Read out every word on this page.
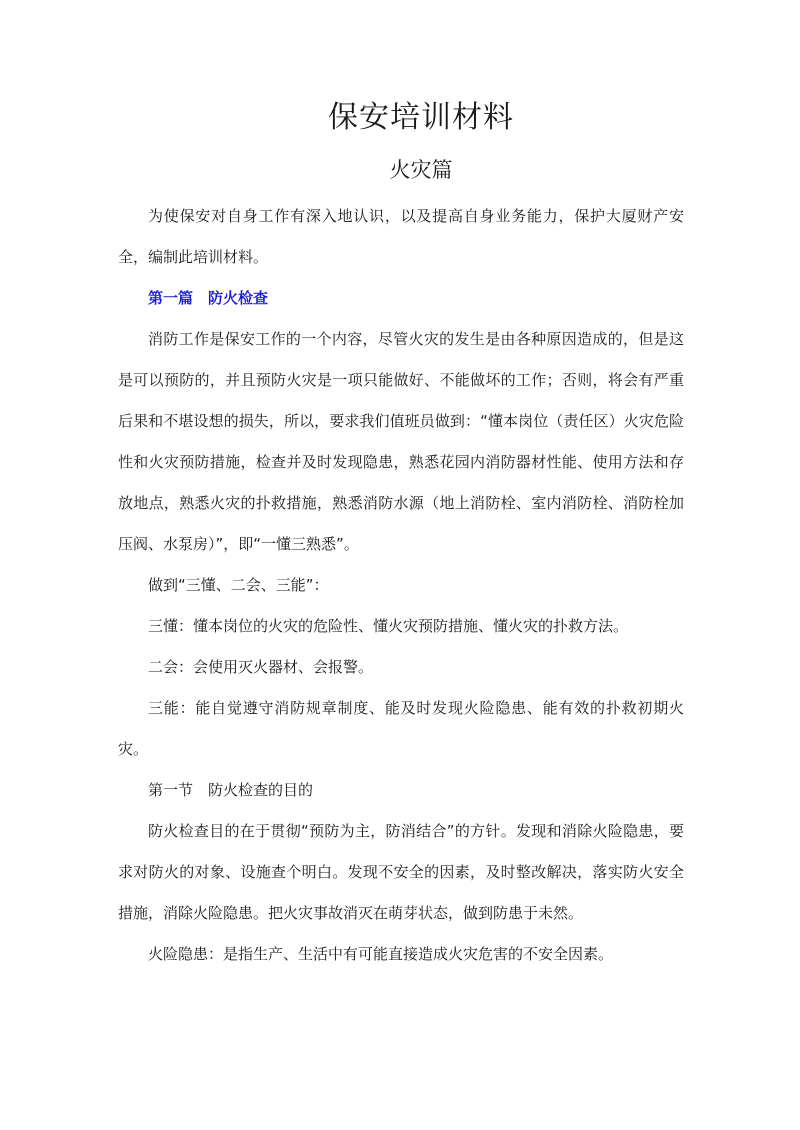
保安培训材料
火灾篇

为使保安对自身工作有深入地认识，以及提高自身业务能力，保护大厦财产安全，编制此培训材料。

第一篇　防火检查

消防工作是保安工作的一个内容，尽管火灾的发生是由各种原因造成的，但是这是可以预防的，并且预防火灾是一项只能做好、不能做坏的工作；否则，将会有严重后果和不堪设想的损失，所以，要求我们值班员做到：“懂本岗位（责任区）火灾危险性和火灾预防措施，检查并及时发现隐患，熟悉花园内消防器材性能、使用方法和存放地点，熟悉火灾的扑救措施，熟悉消防水源（地上消防栓、室内消防栓、消防栓加压阀、水泵房）”，即“一懂三熟悉”。

做到“三懂、二会、三能”：

三懂：懂本岗位的火灾的危险性、懂火灾预防措施、懂火灾的扑救方法。

二会：会使用灭火器材、会报警。

三能：能自觉遵守消防规章制度、能及时发现火险隐患、能有效的扑救初期火灾。

第一节　防火检查的目的

防火检查目的在于贯彻“预防为主，防消结合”的方针。发现和消除火险隐患，要求对防火的对象、设施查个明白。发现不安全的因素，及时整改解决，落实防火安全措施，消除火险隐患。把火灾事故消灭在萌芽状态，做到防患于未然。

火险隐患：是指生产、生活中有可能直接造成火灾危害的不安全因素。
